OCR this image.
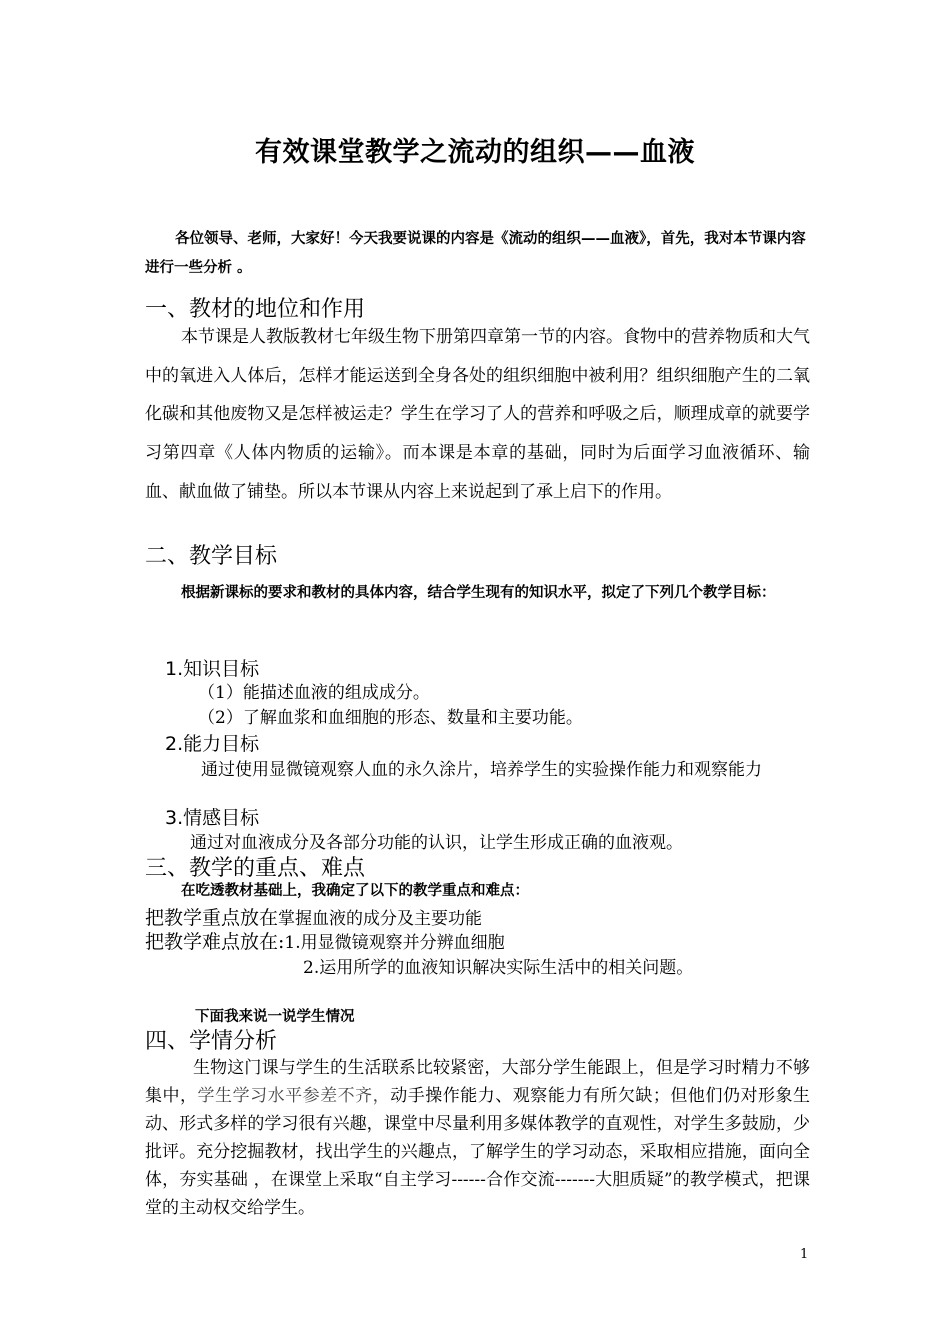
有效课堂教学之流动的组织——血液
各位领导、老师，大家好！今天我要说课的内容是《流动的组织——血液》，首先，我对本节课内容进行一些分析 。
一、教材的地位和作用
本节课是人教版教材七年级生物下册第四章第一节的内容。食物中的营养物质和大气中的氧进入人体后，怎样才能运送到全身各处的组织细胞中被利用？组织细胞产生的二氧化碳和其他废物又是怎样被运走？学生在学习了人的营养和呼吸之后，顺理成章的就要学习第四章《人体内物质的运输》。而本课是本章的基础，同时为后面学习血液循环、输血、献血做了铺垫。所以本节课从内容上来说起到了承上启下的作用。
二、教学目标
根据新课标的要求和教材的具体内容，结合学生现有的知识水平，拟定了下列几个教学目标：
1.知识目标
（1）能描述血液的组成成分。
（2）了解血浆和血细胞的形态、数量和主要功能。
2.能力目标
通过使用显微镜观察人血的永久涂片，培养学生的实验操作能力和观察能力
3.情感目标
通过对血液成分及各部分功能的认识，让学生形成正确的血液观。
三、教学的重点、难点
在吃透教材基础上，我确定了以下的教学重点和难点：
把教学重点放在掌握血液的成分及主要功能
把教学难点放在:1.用显微镜观察并分辨血细胞
2.运用所学的血液知识解决实际生活中的相关问题。
下面我来说一说学生情况
四、学情分析
生物这门课与学生的生活联系比较紧密，大部分学生能跟上，但是学习时精力不够集中，学生学习水平参差不齐，动手操作能力、观察能力有所欠缺；但他们仍对形象生动、形式多样的学习很有兴趣，课堂中尽量利用多媒体教学的直观性，对学生多鼓励，少批评。充分挖掘教材，找出学生的兴趣点，了解学生的学习动态，采取相应措施，面向全体，夯实基础 ，在课堂上采取“自主学习------合作交流-------大胆质疑”的教学模式，把课堂的主动权交给学生。
1
